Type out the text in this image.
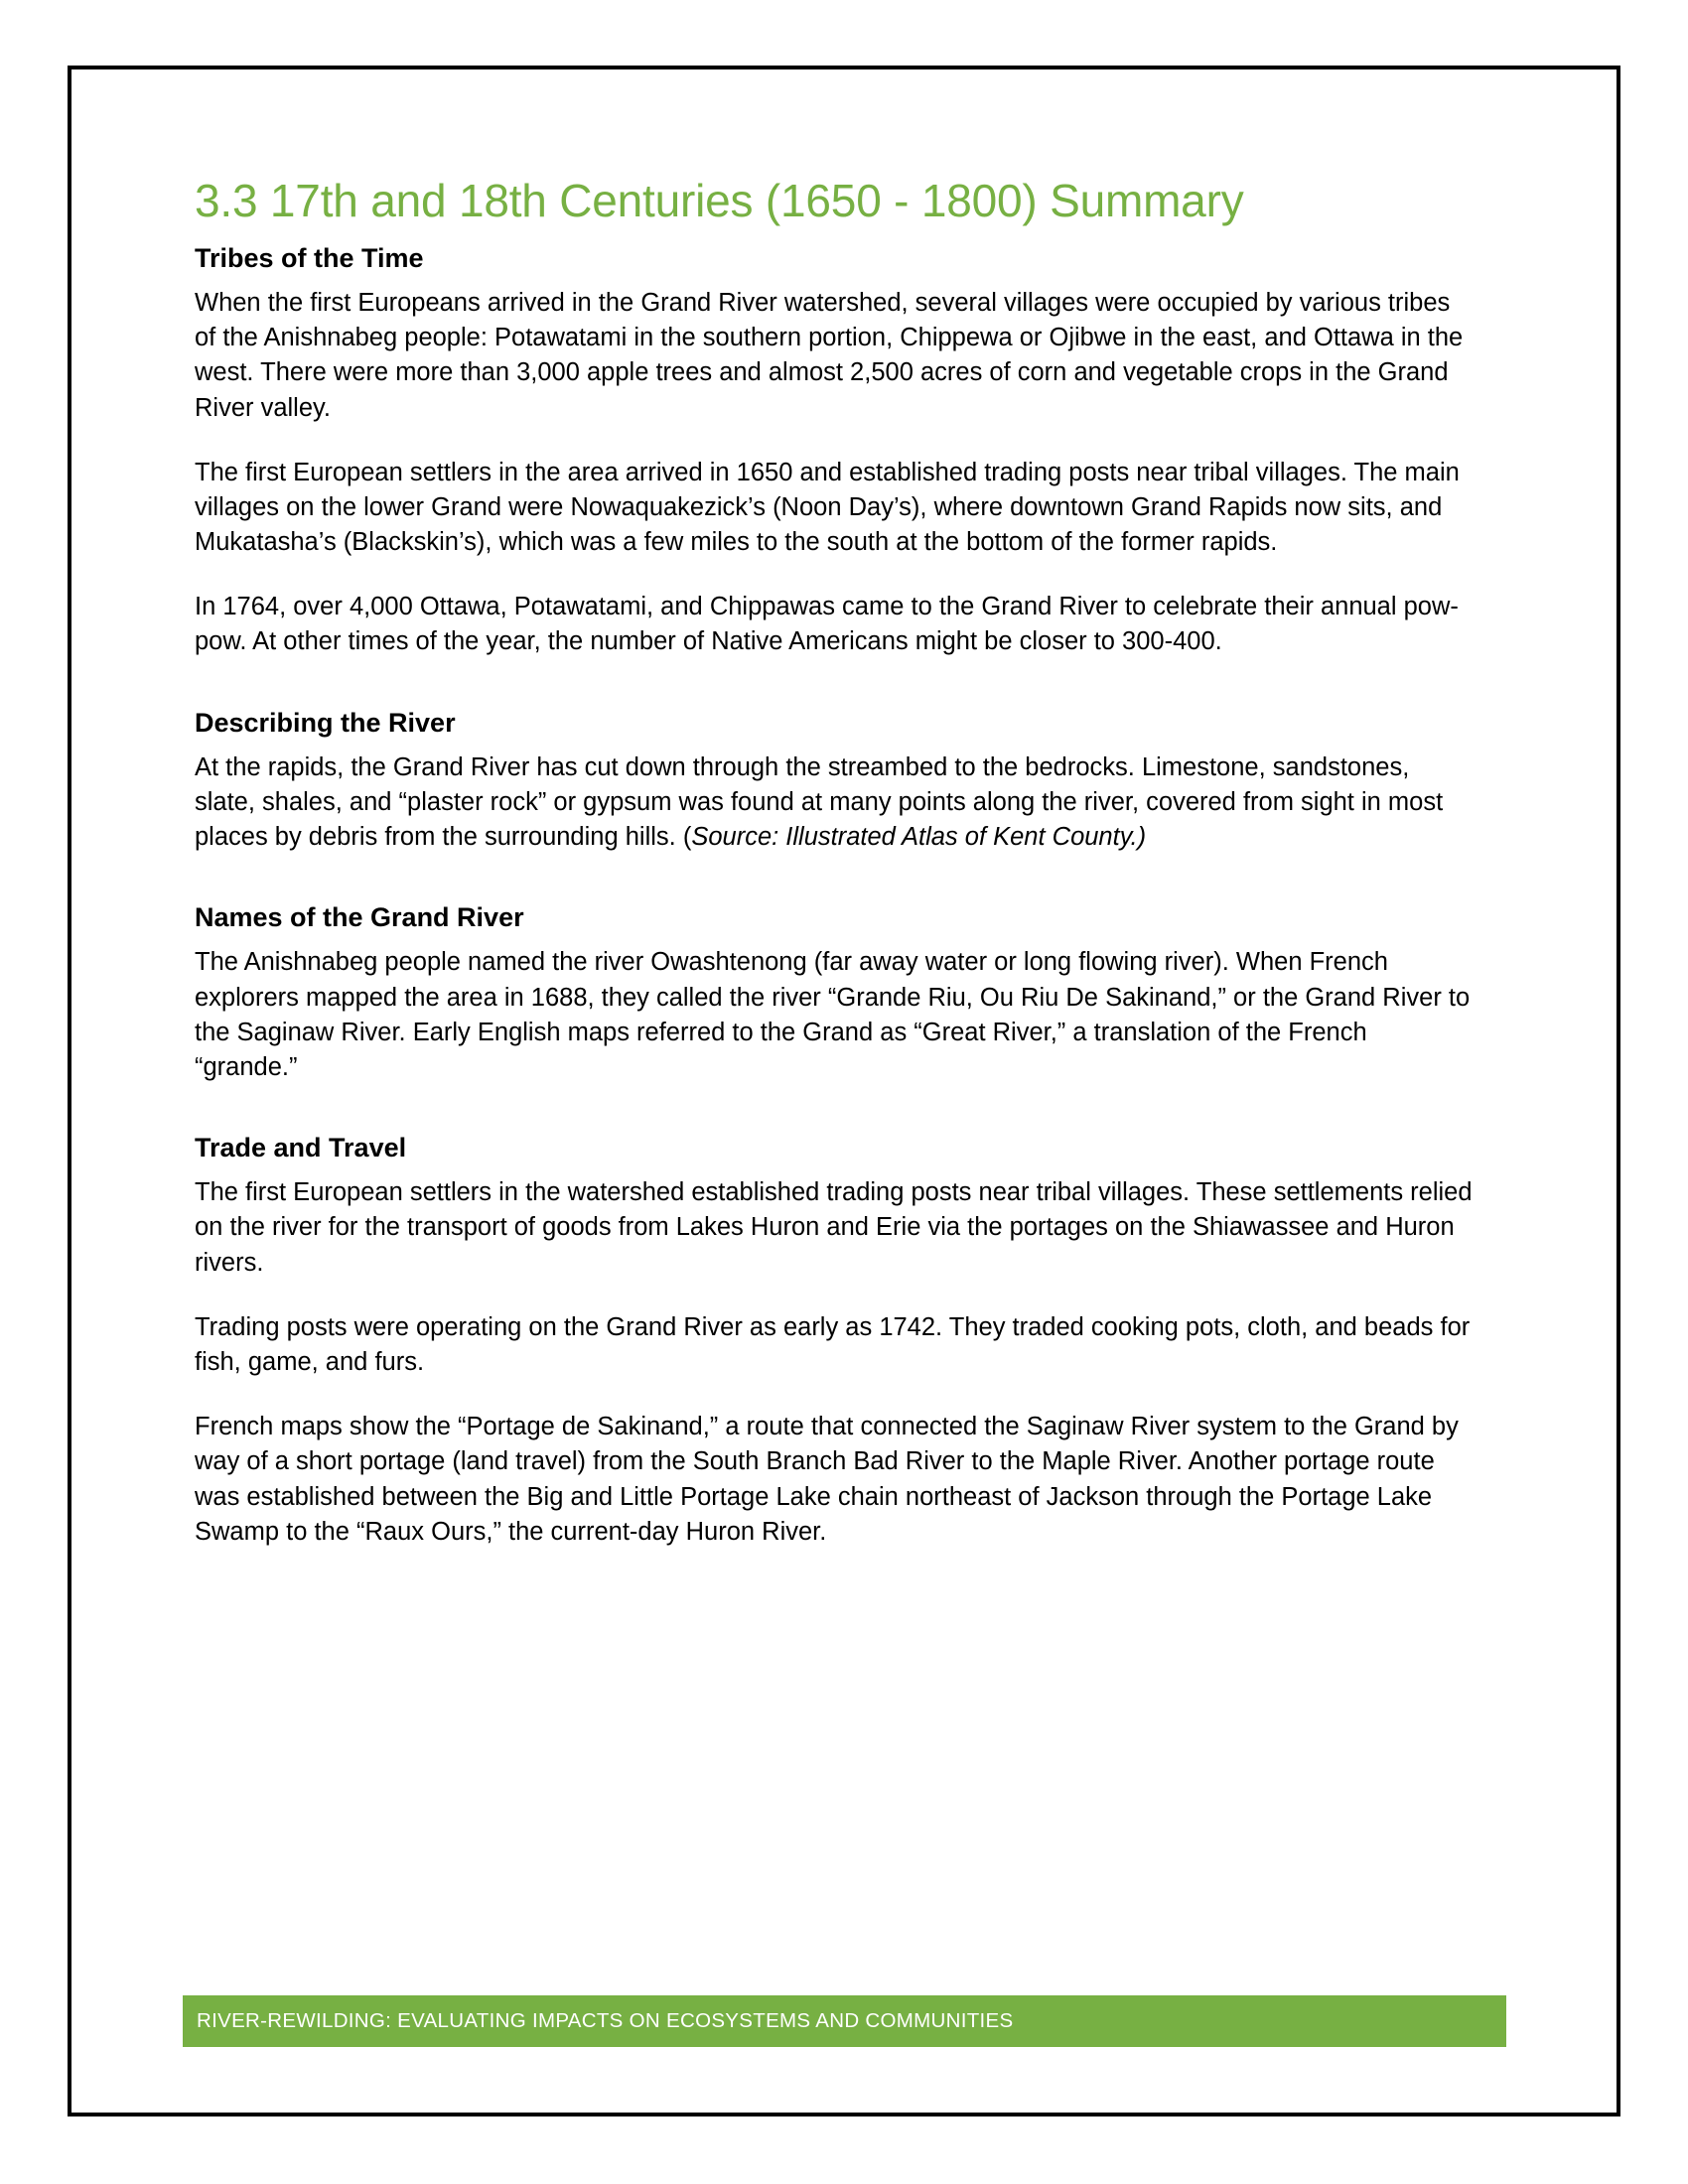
3.3 17th and 18th Centuries (1650 - 1800) Summary
Tribes of the Time

When the first Europeans arrived in the Grand River watershed, several villages were occupied by various tribes of the Anishnabeg people: Potawatami in the southern portion, Chippewa or Ojibwe in the east, and Ottawa in the west. There were more than 3,000 apple trees and almost 2,500 acres of corn and vegetable crops in the Grand River valley.

The first European settlers in the area arrived in 1650 and established trading posts near tribal villages. The main villages on the lower Grand were Nowaquakezick’s (Noon Day’s), where downtown Grand Rapids now sits, and Mukatasha’s (Blackskin’s), which was a few miles to the south at the bottom of the former rapids.

In 1764, over 4,000 Ottawa, Potawatami, and Chippawas came to the Grand River to celebrate their annual pow-pow. At other times of the year, the number of Native Americans might be closer to 300-400.

Describing the River

At the rapids, the Grand River has cut down through the streambed to the bedrocks. Limestone, sandstones, slate, shales, and “plaster rock” or gypsum was found at many points along the river, covered from sight in most places by debris from the surrounding hills. (Source: Illustrated Atlas of Kent County.)

Names of the Grand River

The Anishnabeg people named the river Owashtenong (far away water or long flowing river). When French explorers mapped the area in 1688, they called the river “Grande Riu, Ou Riu De Sakinand,” or the Grand River to the Saginaw River. Early English maps referred to the Grand as “Great River,” a translation of the French “grande.”

Trade and Travel

The first European settlers in the watershed established trading posts near tribal villages. These settlements relied on the river for the transport of goods from Lakes Huron and Erie via the portages on the Shiawassee and Huron rivers.

Trading posts were operating on the Grand River as early as 1742. They traded cooking pots, cloth, and beads for fish, game, and furs.

French maps show the “Portage de Sakinand,” a route that connected the Saginaw River system to the Grand by way of a short portage (land travel) from the South Branch Bad River to the Maple River. Another portage route was established between the Big and Little Portage Lake chain northeast of Jackson through the Portage Lake Swamp to the “Raux Ours,” the current-day Huron River.

RIVER-REWILDING: EVALUATING IMPACTS ON ECOSYSTEMS AND COMMUNITIES
